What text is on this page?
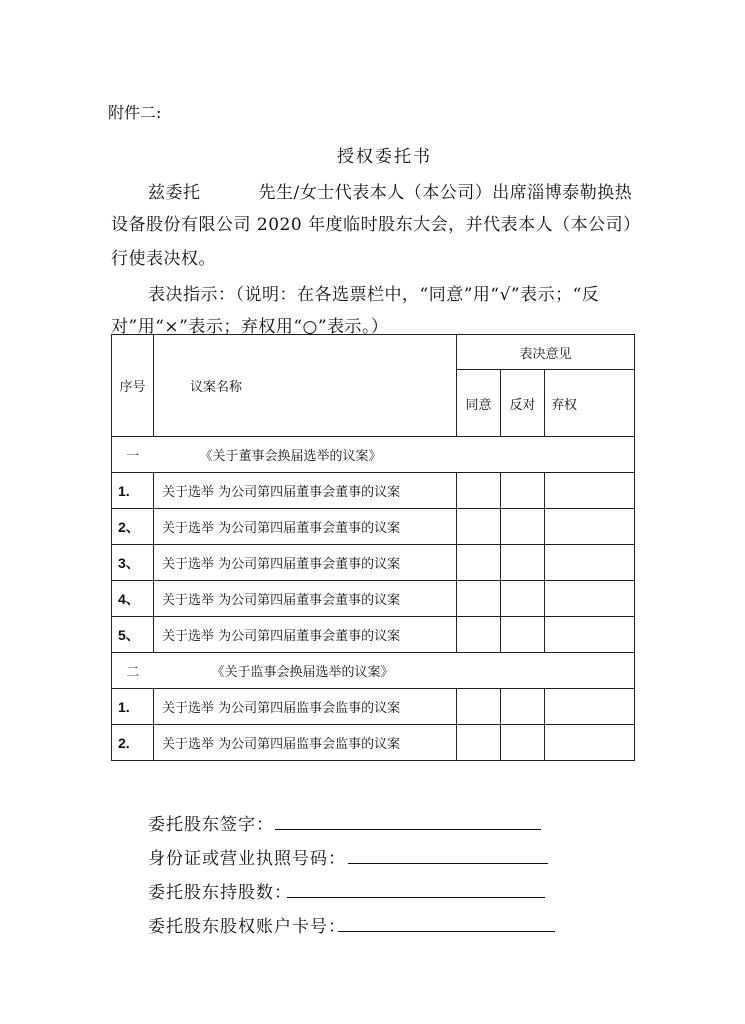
附件二:
授权委托书
兹委托	先生/女士代表本人（本公司）出席淄博泰勒换热
设备股份有限公司 2020 年度临时股东大会，并代表本人（本公司）
行使表决权。
表决指示：（说明：在各选票栏中，“同意”用“√”表示；“反
对”用“×”表示；弃权用“○”表示。）
序号	议案名称	表决意见		
		同意	反对	弃权
一	《关于董事会换届选举的议案》			
1.	关于选举 为公司第四届董事会董事的议案			
2、	关于选举 为公司第四届董事会董事的议案			
3、	关于选举 为公司第四届董事会董事的议案			
4、	关于选举 为公司第四届董事会董事的议案			
5、	关于选举 为公司第四届董事会董事的议案			
二	《关于监事会换届选举的议案》			
1.	关于选举 为公司第四届监事会监事的议案			
2.	关于选举 为公司第四届监事会监事的议案			
委托股东签字：
身份证或营业执照号码：
委托股东持股数：
委托股东股权账户卡号：
